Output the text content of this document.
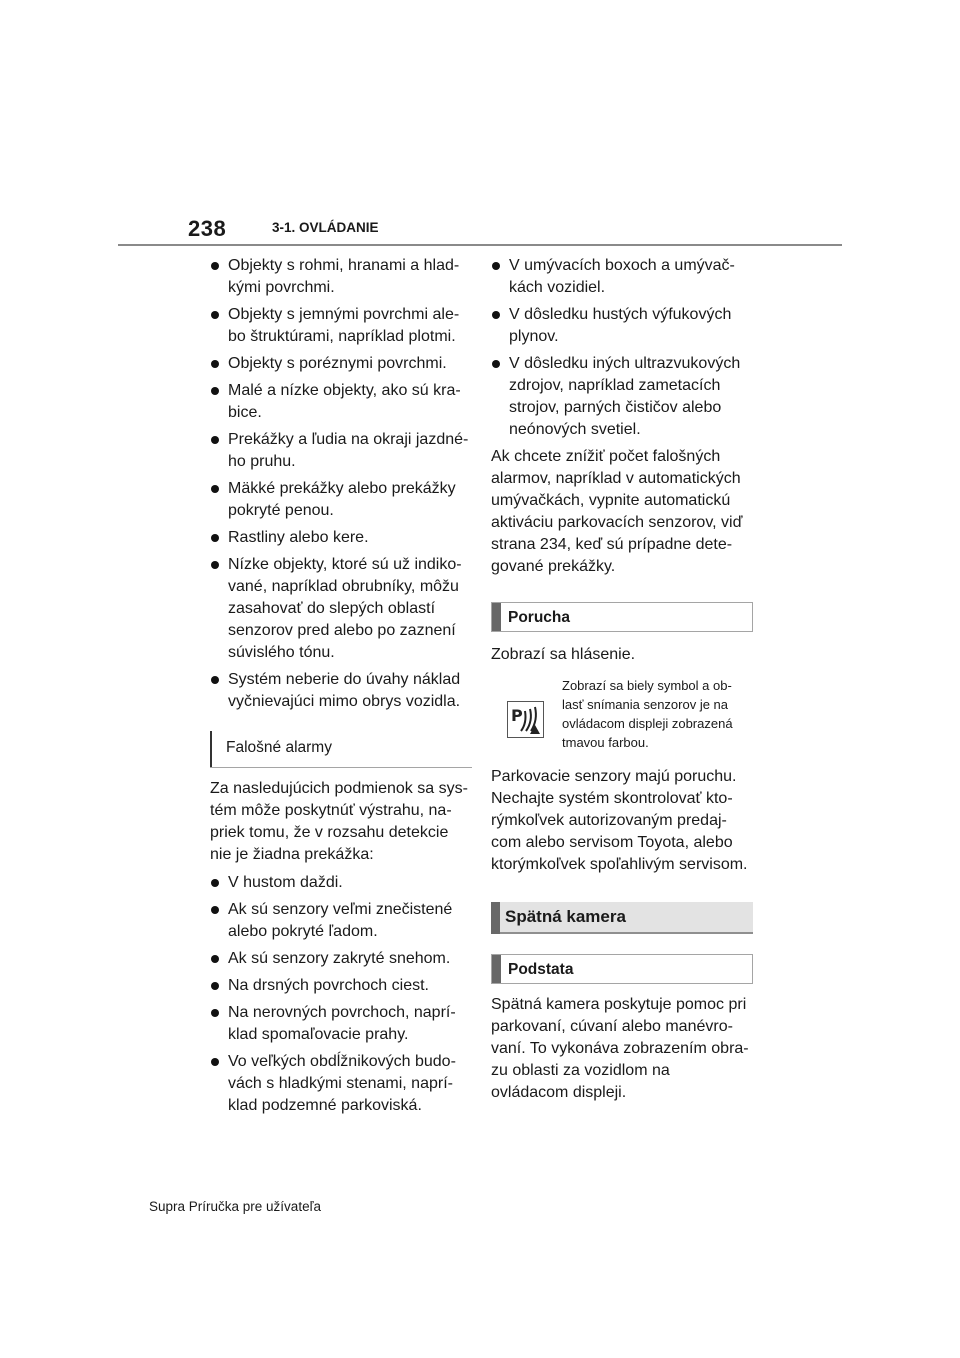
238	3-1. OVLÁDANIE
Objekty s rohmi, hranami a hlad-
kými povrchmi.
Objekty s jemnými povrchmi ale-
bo štruktúrami, napríklad plotmi.
Objekty s poréznymi povrchmi.
Malé a nízke objekty, ako sú kra-
bice.
Prekážky a ľudia na okraji jazdné-
ho pruhu.
Mäkké prekážky alebo prekážky
pokryté penou.
Rastliny alebo kere.
Nízke objekty, ktoré sú už indiko-
vané, napríklad obrubníky, môžu
zasahovať do slepých oblastí
senzorov pred alebo po zaznení
súvislého tónu.
Systém neberie do úvahy náklad
vyčnievajúci mimo obrys vozidla.
Falošné alarmy

Za nasledujúcich podmienok sa sys-
tém môže poskytnúť výstrahu, na-
priek tomu, že v rozsahu detekcie
nie je žiadna prekážka:

V hustom daždi.
Ak sú senzory veľmi znečistené
alebo pokryté ľadom.
Ak sú senzory zakryté snehom.
Na drsných povrchoch ciest.
Na nerovných povrchoch, naprí-
klad spomaľovacie prahy.
Vo veľkých obdĺžnikových budo-
vách s hladkými stenami, naprí-
klad podzemné parkoviská.
V umývacích boxoch a umývač-
kách vozidiel.
V dôsledku hustých výfukových
plynov.
V dôsledku iných ultrazvukových
zdrojov, napríklad zametacích
strojov, parných čističov alebo
neónových svetiel.

Ak chcete znížiť počet falošných
alarmov, napríklad v automatických
umývačkách, vypnite automatickú
aktiváciu parkovacích senzorov, viď
strana 234, keď sú prípadne dete-
gované prekážky.

Porucha

Zobrazí sa hlásenie.

P
Zobrazí sa biely symbol a ob-
lasť snímania senzorov je na
ovládacom displeji zobrazená
tmavou farbou.

Parkovacie senzory majú poruchu.
Nechajte systém skontrolovať kto-
rýmkoľvek autorizovaným predaj-
com alebo servisom Toyota, alebo
ktorýmkoľvek spoľahlivým servisom.

Spätná kamera
Podstata

Spätná kamera poskytuje pomoc pri
parkovaní, cúvaní alebo manévro-
vaní. To vykonáva zobrazením obra-
zu oblasti za vozidlom na
ovládacom displeji.

Supra Príručka pre užívateľa
